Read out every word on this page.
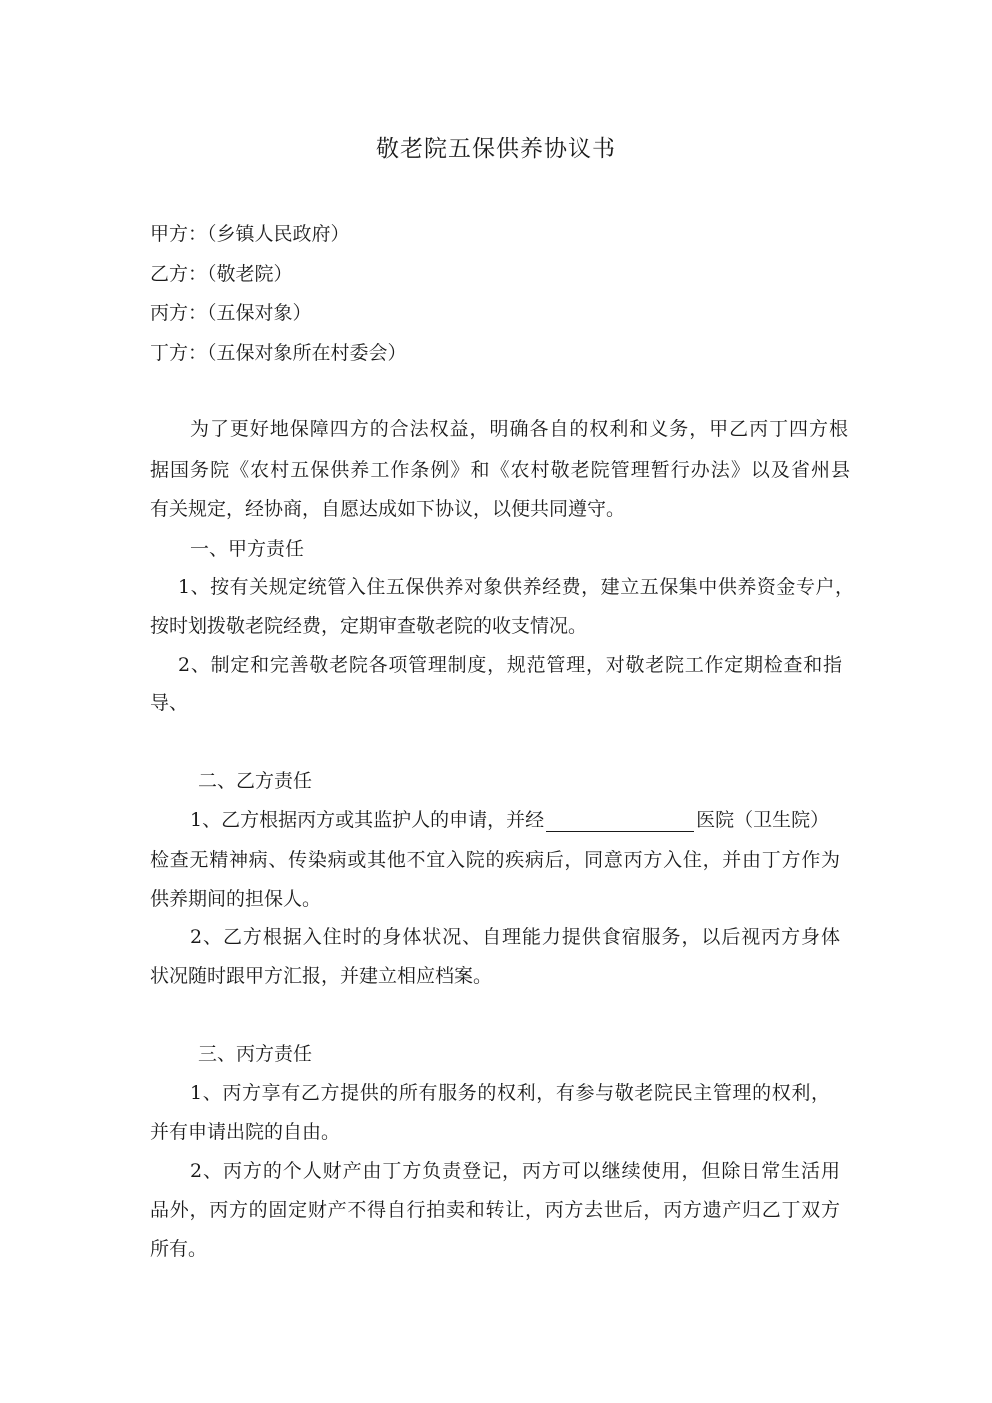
敬老院五保供养协议书
甲方：（乡镇人民政府）
乙方：（敬老院）
丙方：（五保对象）
丁方：（五保对象所在村委会）
为了更好地保障四方的合法权益，明确各自的权利和义务，甲乙丙丁四方根
据国务院《农村五保供养工作条例》和《农村敬老院管理暂行办法》以及省州县
有关规定，经协商，自愿达成如下协议，以便共同遵守。
一、甲方责任
1、按有关规定统管入住五保供养对象供养经费，建立五保集中供养资金专户，
按时划拨敬老院经费，定期审查敬老院的收支情况。
2、制定和完善敬老院各项管理制度，规范管理，对敬老院工作定期检查和指
导、
二、乙方责任
1、乙方根据丙方或其监护人的申请，并经	医院（卫生院）
检查无精神病、传染病或其他不宜入院的疾病后，同意丙方入住，并由丁方作为
供养期间的担保人。
2、乙方根据入住时的身体状况、自理能力提供食宿服务，以后视丙方身体
状况随时跟甲方汇报，并建立相应档案。
三、丙方责任
1、丙方享有乙方提供的所有服务的权利，有参与敬老院民主管理的权利，
并有申请出院的自由。
2、丙方的个人财产由丁方负责登记，丙方可以继续使用，但除日常生活用
品外，丙方的固定财产不得自行拍卖和转让，丙方去世后，丙方遗产归乙丁双方
所有。
